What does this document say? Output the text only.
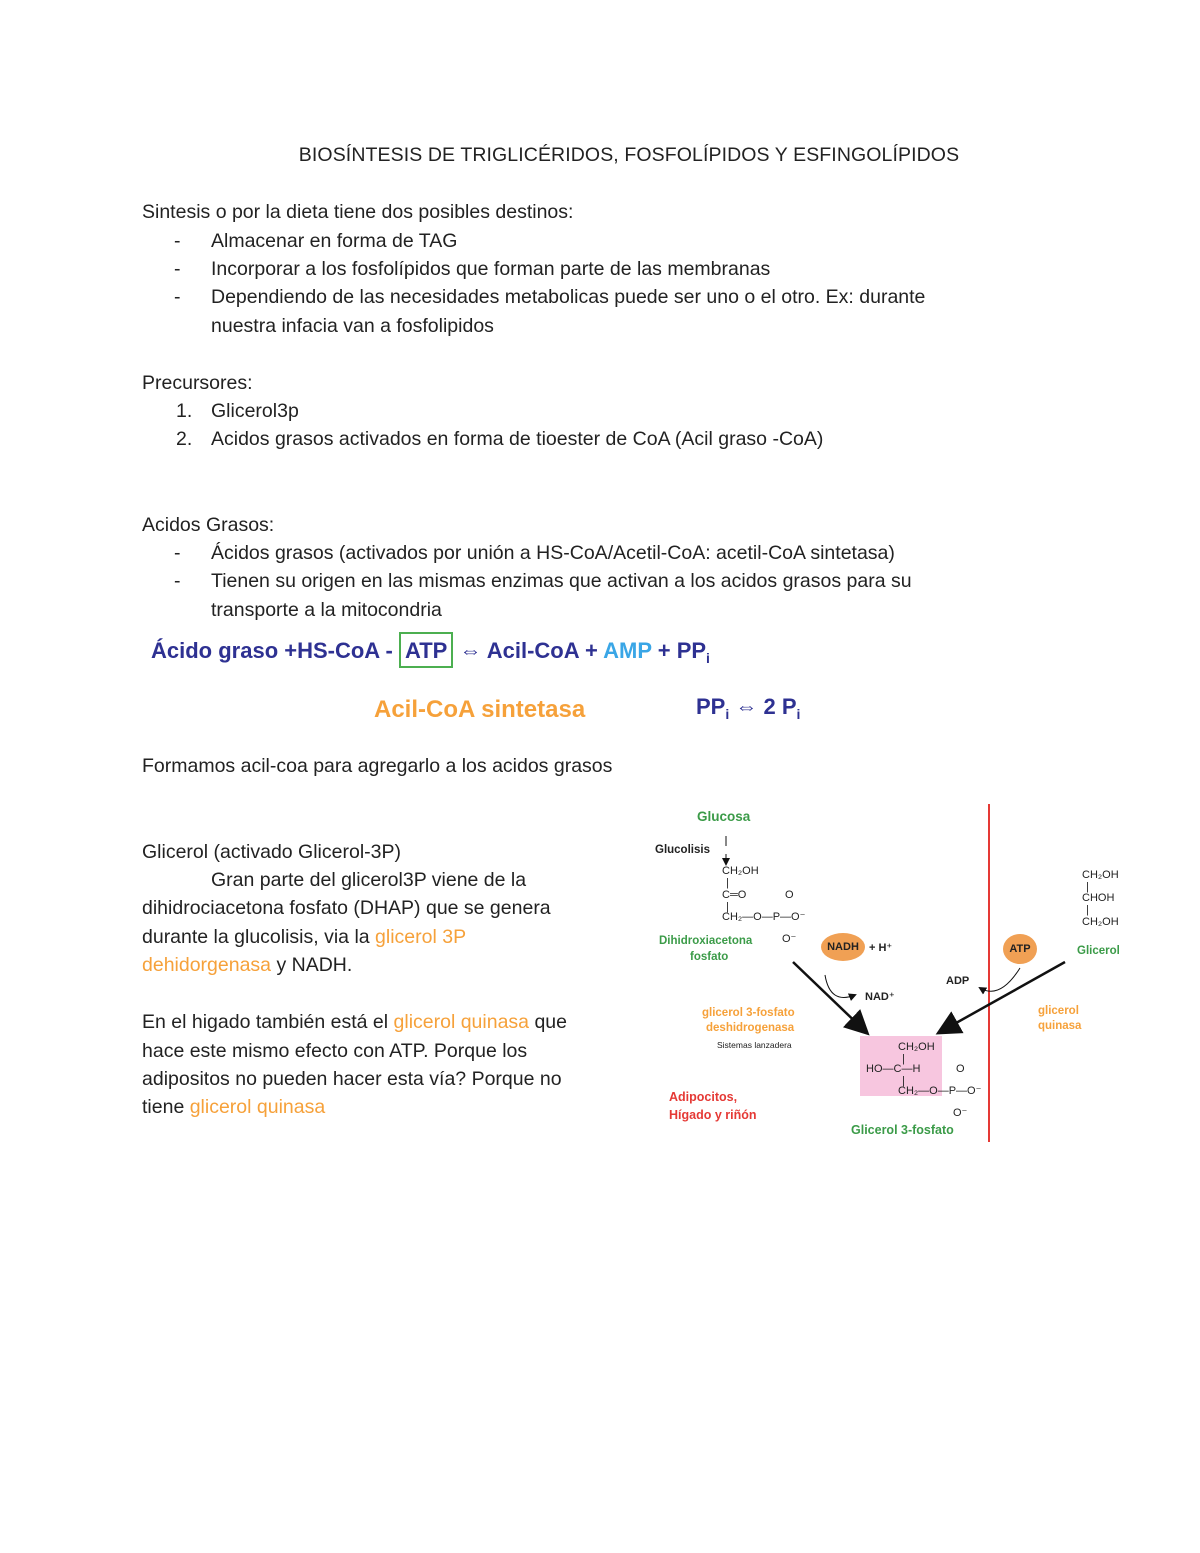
BIOSÍNTESIS DE TRIGLICÉRIDOS, FOSFOLÍPIDOS Y ESFINGOLÍPIDOS
Sintesis o por la dieta tiene dos posibles destinos:
- Almacenar en forma de TAG
- Incorporar a los fosfolípidos que forman parte de las membranas
- Dependiendo de las necesidades metabolicas puede ser uno o el otro. Ex: durante
nuestra infacia van a fosfolipidos
Precursores:
1. Glicerol3p
2. Acidos grasos activados en forma de tioester de CoA (Acil graso -CoA)
Acidos Grasos:
- Ácidos grasos (activados por unión a HS-CoA/Acetil-CoA: acetil-CoA sintetasa)
- Tienen su origen en las mismas enzimas que activan a los acidos grasos para su
transporte a la mitocondria
Ácido graso +HS-CoA - ATP ⇔ Acil-CoA + AMP + $PP_i$
Acil-CoA sintetasa	$PP_i$ ⇔ 2 $P_i$
Formamos acil-coa para agregarlo a los acidos grasos
Glicerol (activado Glicerol-3P)
Gran parte del glicerol3P viene de la
dihidrociacetona fosfato (DHAP) que se genera
durante la glucolisis, via la glicerol 3P
dehidorgenasa y NADH.
En el higado también está el glicerol quinasa que
hace este mismo efecto con ATP. Porque los
adipositos no pueden hacer esta vía? Porque no
tiene glicerol quinasa
Glucosa
Glucolisis
CH₂OH
|
C═O	O
|
CH₂—O—P—O⁻
O⁻
Dihidroxiacetona
fosfato
NADH + H⁺
NAD⁺
ATP
ADP
Glicerol
CH₂OH
|
CHOH
|
CH₂OH
glicerol 3-fosfato
deshidrogenasa
Sistemas lanzadera
glicerol
quinasa
Adipocitos,
Hígado y riñón
CH₂OH
|
HO—C—H	O
|
CH₂—O—P—O⁻
O⁻
Glicerol 3-fosfato
